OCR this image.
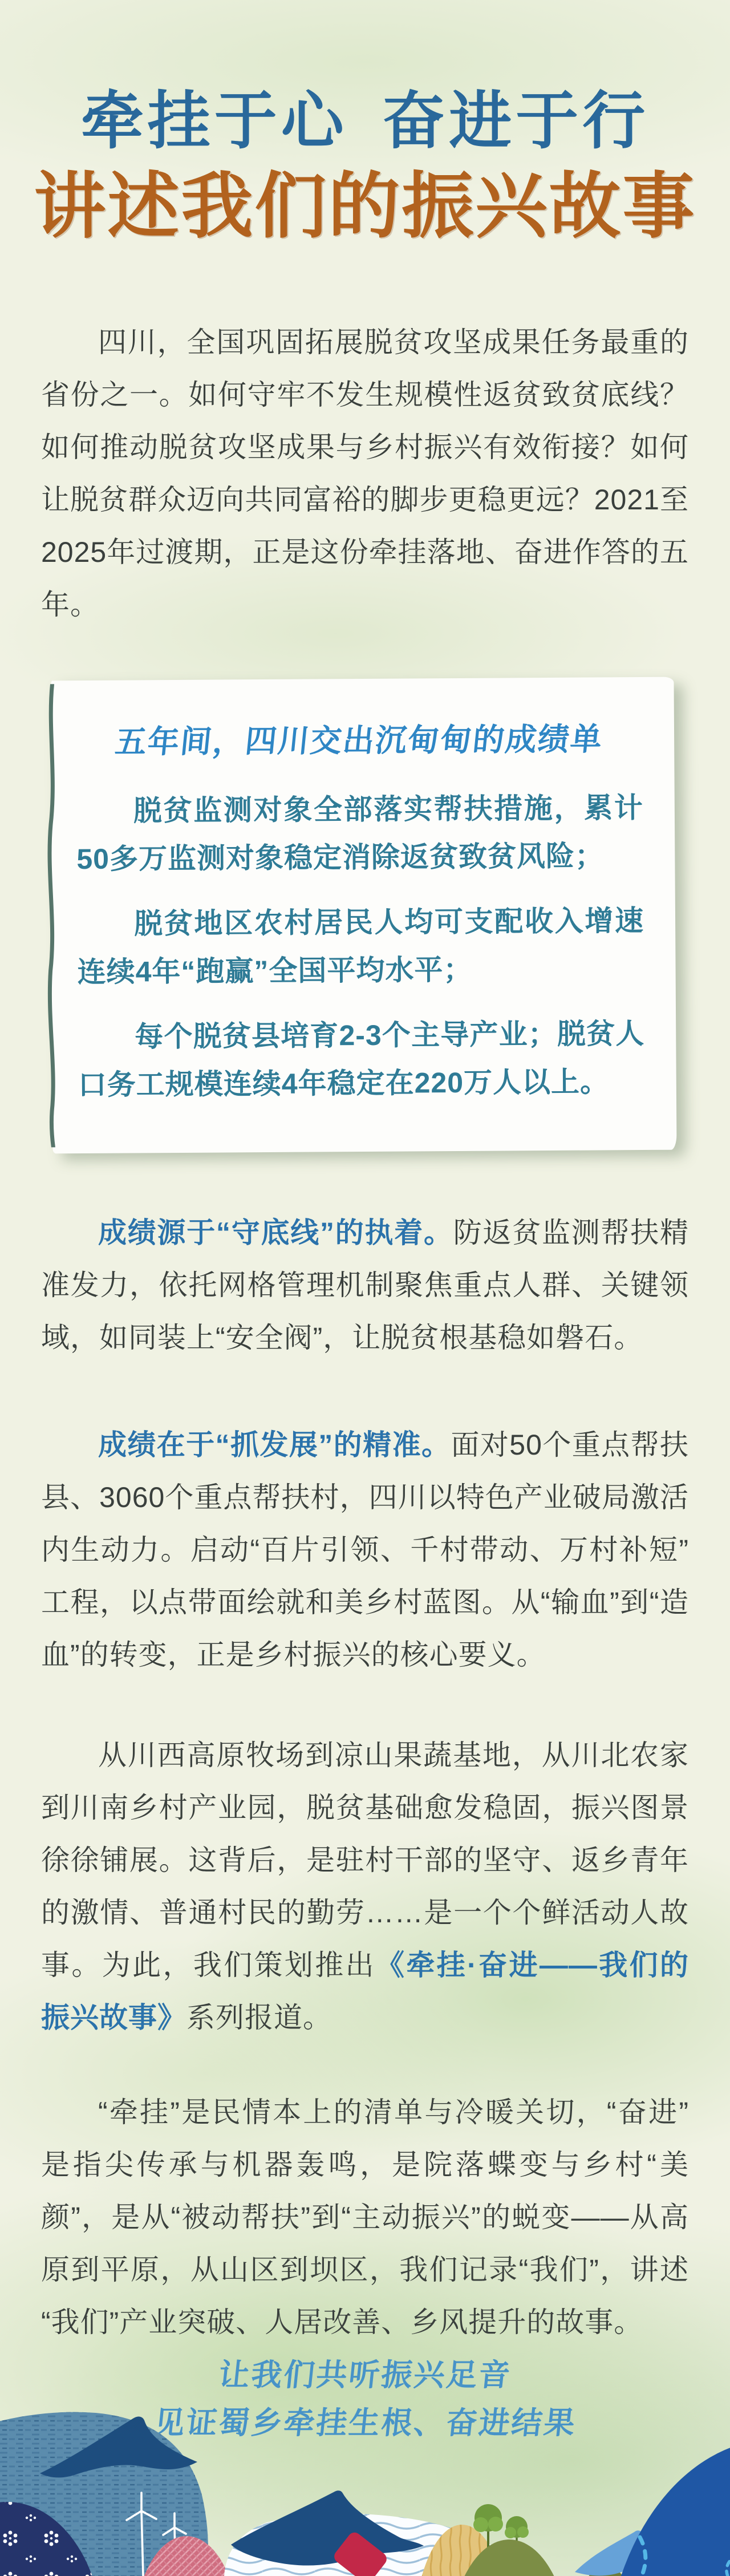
牵挂于心 奋进于行
讲述我们的振兴故事

四川，全国巩固拓展脱贫攻坚成果任务最重的省份之一。如何守牢不发生规模性返贫致贫底线？如何推动脱贫攻坚成果与乡村振兴有效衔接？如何让脱贫群众迈向共同富裕的脚步更稳更远？2021至2025年过渡期，正是这份牵挂落地、奋进作答的五年。

五年间，四川交出沉甸甸的成绩单

脱贫监测对象全部落实帮扶措施，累计50多万监测对象稳定消除返贫致贫风险；

脱贫地区农村居民人均可支配收入增速连续4年“跑赢”全国平均水平；

每个脱贫县培育2-3个主导产业；脱贫人口务工规模连续4年稳定在220万人以上。

成绩源于“守底线”的执着。防返贫监测帮扶精准发力，依托网格管理机制聚焦重点人群、关键领域，如同装上“安全阀”，让脱贫根基稳如磐石。

成绩在于“抓发展”的精准。面对50个重点帮扶县、3060个重点帮扶村，四川以特色产业破局激活内生动力。启动“百片引领、千村带动、万村补短”工程，以点带面绘就和美乡村蓝图。从“输血”到“造血”的转变，正是乡村振兴的核心要义。

从川西高原牧场到凉山果蔬基地，从川北农家到川南乡村产业园，脱贫基础愈发稳固，振兴图景徐徐铺展。这背后，是驻村干部的坚守、返乡青年的激情、普通村民的勤劳……是一个个鲜活动人故事。为此，我们策划推出《牵挂·奋进——我们的振兴故事》系列报道。

“牵挂”是民情本上的清单与冷暖关切，“奋进”是指尖传承与机器轰鸣，是院落蝶变与乡村“美颜”，是从“被动帮扶”到“主动振兴”的蜕变——从高原到平原，从山区到坝区，我们记录“我们”，讲述“我们”产业突破、人居改善、乡风提升的故事。

让我们共听振兴足音
见证蜀乡牵挂生根、奋进结果
